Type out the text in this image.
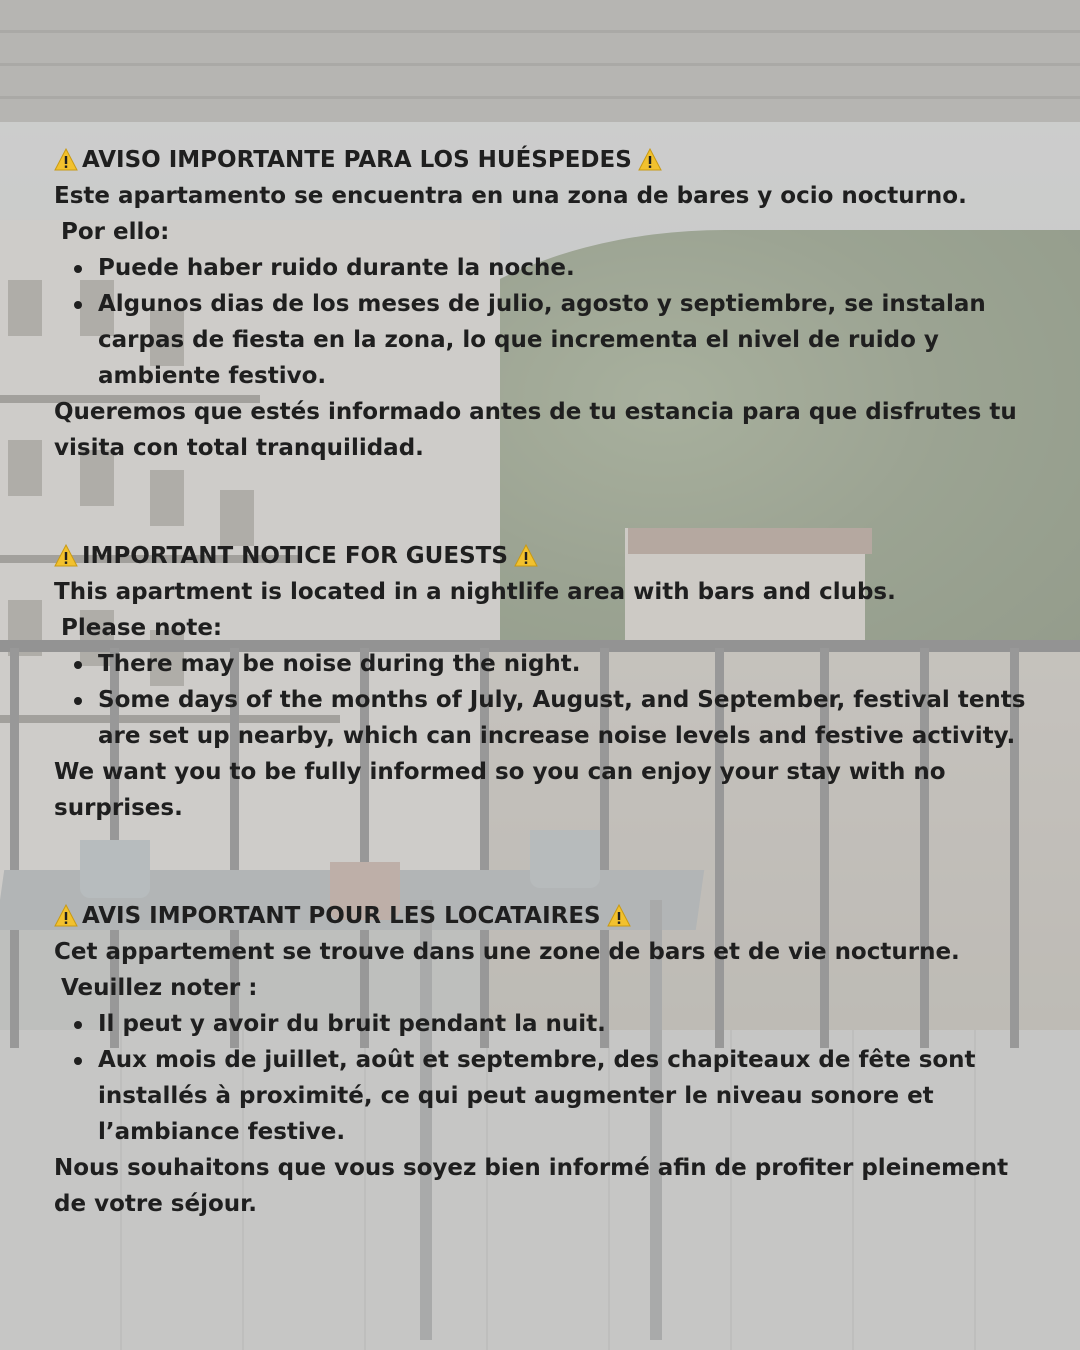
AVISO IMPORTANTE PARA LOS HUÉSPEDES

Este apartamento se encuentra en una zona de bares y ocio nocturno.

Por ello:

Puede haber ruido durante la noche.
Algunos dias de los meses de julio, agosto y septiembre, se instalan carpas de fiesta en la zona, lo que incrementa el nivel de ruido y ambiente festivo.

Queremos que estés informado antes de tu estancia para que disfrutes tu visita con total tranquilidad.

IMPORTANT NOTICE FOR GUESTS

This apartment is located in a nightlife area with bars and clubs.

Please note:

There may be noise during the night.
Some days of the months of July, August, and September, festival tents are set up nearby, which can increase noise levels and festive activity.

We want you to be fully informed so you can enjoy your stay with no surprises.

AVIS IMPORTANT POUR LES LOCATAIRES

Cet appartement se trouve dans une zone de bars et de vie nocturne.

Veuillez noter :

Il peut y avoir du bruit pendant la nuit.
Aux mois de juillet, août et septembre, des chapiteaux de fête sont installés à proximité, ce qui peut augmenter le niveau sonore et l’ambiance festive.

Nous souhaitons que vous soyez bien informé afin de profiter pleinement de votre séjour.
